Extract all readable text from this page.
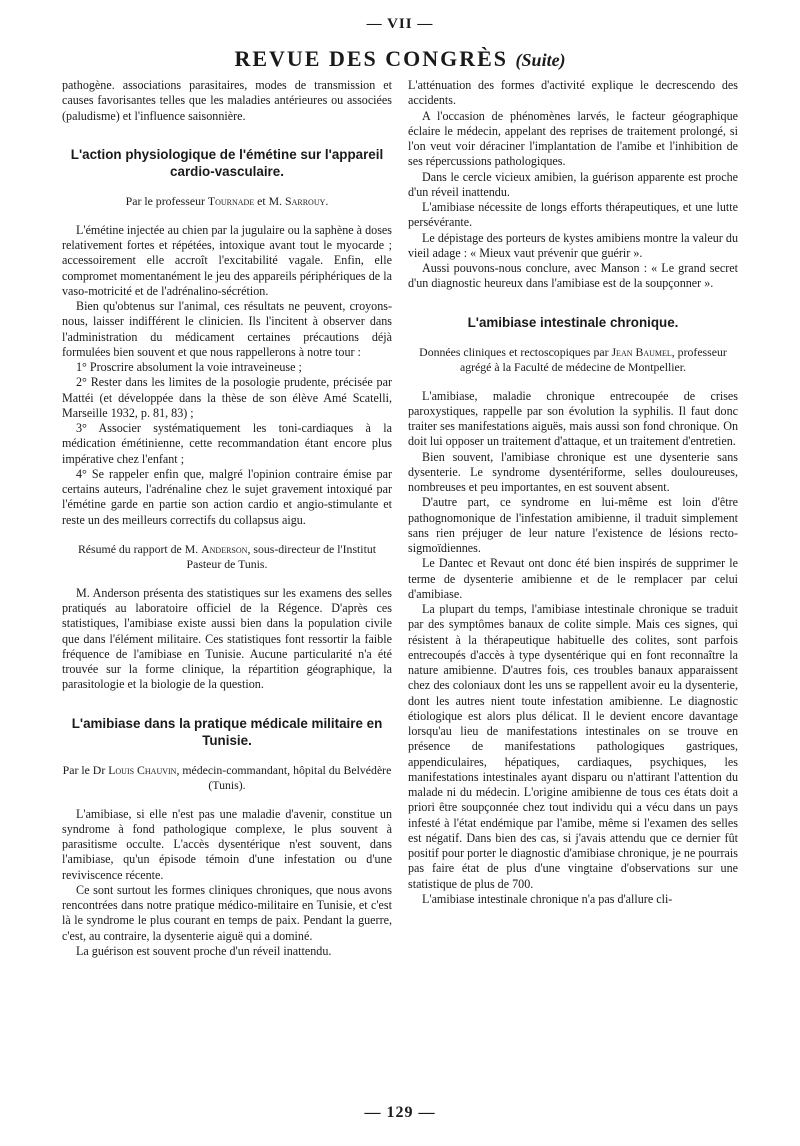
— VII —
REVUE DES CONGRÈS (Suite)

pathogène. associations parasitaires, modes de transmission et causes favorisantes telles que les maladies antérieures ou associées (paludisme) et l'influence saisonnière.

L'action physiologique de l'émétine sur l'appareil cardio-vasculaire.

Par le professeur Tournade et M. Sarrouy.

L'émétine injectée au chien par la jugulaire ou la saphène à doses relativement fortes et répétées, intoxique avant tout le myocarde ; accessoirement elle accroît l'excitabilité vagale. Enfin, elle compromet momentanément le jeu des appareils périphériques de la vaso-motricité et de l'adrénalino-sécrétion.

Bien qu'obtenus sur l'animal, ces résultats ne peuvent, croyons-nous, laisser indifférent le clinicien. Ils l'incitent à observer dans l'administration du médicament certaines précautions déjà formulées bien souvent et que nous rappellerons à notre tour :

1° Proscrire absolument la voie intraveineuse ;

2° Rester dans les limites de la posologie prudente, précisée par Mattéi (et développée dans la thèse de son élève Amé Scatelli, Marseille 1932, p. 81, 83) ;

3° Associer systématiquement les toni-cardiaques à la médication émétinienne, cette recommandation étant encore plus impérative chez l'enfant ;

4° Se rappeler enfin que, malgré l'opinion contraire émise par certains auteurs, l'adrénaline chez le sujet gravement intoxiqué par l'émétine garde en partie son action cardio et angio-stimulante et reste un des meilleurs correctifs du collapsus aigu.

Résumé du rapport de M. Anderson, sous-directeur de l'Institut Pasteur de Tunis.

M. Anderson présenta des statistiques sur les examens des selles pratiqués au laboratoire officiel de la Régence. D'après ces statistiques, l'amibiase existe aussi bien dans la population civile que dans l'élément militaire. Ces statistiques font ressortir la faible fréquence de l'amibiase en Tunisie. Aucune particularité n'a été trouvée sur la forme clinique, la répartition géographique, la parasitologie et la biologie de la question.

L'amibiase dans la pratique médicale militaire en Tunisie.

Par le Dr Louis Chauvin, médecin-commandant, hôpital du Belvédère (Tunis).

L'amibiase, si elle n'est pas une maladie d'avenir, constitue un syndrome à fond pathologique complexe, le plus souvent à parasitisme occulte. L'accès dysentérique n'est souvent, dans l'amibiase, qu'un épisode témoin d'une infestation ou d'une reviviscence récente.

Ce sont surtout les formes cliniques chroniques, que nous avons rencontrées dans notre pratique médico-militaire en Tunisie, et c'est là le syndrome le plus courant en temps de paix. Pendant la guerre, c'est, au contraire, la dysenterie aiguë qui a dominé.

La guérison est souvent proche d'un réveil inattendu.

L'atténuation des formes d'activité explique le decrescendo des accidents.

A l'occasion de phénomènes larvés, le facteur géographique éclaire le médecin, appelant des reprises de traitement prolongé, si l'on veut voir déraciner l'implantation de l'amibe et l'inhibition de ses répercussions pathologiques.

Dans le cercle vicieux amibien, la guérison apparente est proche d'un réveil inattendu.

L'amibiase nécessite de longs efforts thérapeutiques, et une lutte persévérante.

Le dépistage des porteurs de kystes amibiens montre la valeur du vieil adage : « Mieux vaut prévenir que guérir ».

Aussi pouvons-nous conclure, avec Manson : « Le grand secret d'un diagnostic heureux dans l'amibiase est de la soupçonner ».

L'amibiase intestinale chronique.

Données cliniques et rectoscopiques par Jean Baumel, professeur agrégé à la Faculté de médecine de Montpellier.

L'amibiase, maladie chronique entrecoupée de crises paroxystiques, rappelle par son évolution la syphilis. Il faut donc traiter ses manifestations aiguës, mais aussi son fond chronique. On doit lui opposer un traitement d'attaque, et un traitement d'entretien.

Bien souvent, l'amibiase chronique est une dysenterie sans dysenterie. Le syndrome dysentériforme, selles douloureuses, nombreuses et peu importantes, en est souvent absent.

D'autre part, ce syndrome en lui-même est loin d'être pathognomonique de l'infestation amibienne, il traduit simplement sans rien préjuger de leur nature l'existence de lésions recto-sigmoïdiennes.

Le Dantec et Revaut ont donc été bien inspirés de supprimer le terme de dysenterie amibienne et de le remplacer par celui d'amibiase.

La plupart du temps, l'amibiase intestinale chronique se traduit par des symptômes banaux de colite simple. Mais ces signes, qui résistent à la thérapeutique habituelle des colites, sont parfois entrecoupés d'accès à type dysentérique qui en font reconnaître la nature amibienne. D'autres fois, ces troubles banaux apparaissent chez des coloniaux dont les uns se rappellent avoir eu la dysenterie, dont les autres nient toute infestation amibienne. Le diagnostic étiologique est alors plus délicat. Il le devient encore davantage lorsqu'au lieu de manifestations intestinales on se trouve en présence de manifestations pathologiques gastriques, appendiculaires, hépatiques, cardiaques, psychiques, les manifestations intestinales ayant disparu ou n'attirant l'attention du malade ni du médecin. L'origine amibienne de tous ces états doit a priori être soupçonnée chez tout individu qui a vécu dans un pays infesté à l'état endémique par l'amibe, même si l'examen des selles est négatif. Dans bien des cas, si j'avais attendu que ce dernier fût positif pour porter le diagnostic d'amibiase chronique, je ne pourrais pas faire état de plus d'une vingtaine d'observations sur une statistique de plus de 700.

L'amibiase intestinale chronique n'a pas d'allure cli-

— 129 —
